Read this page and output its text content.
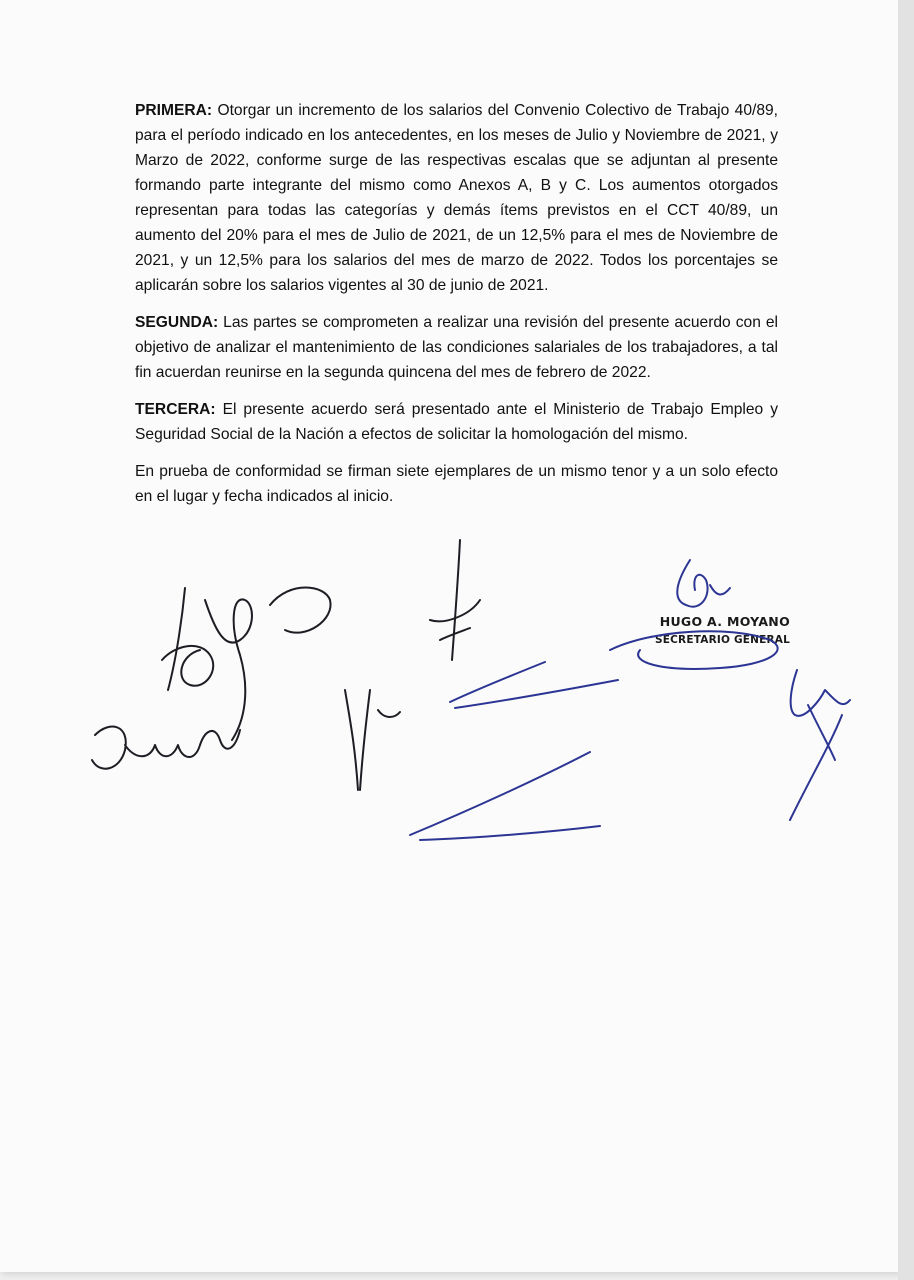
PRIMERA: Otorgar un incremento de los salarios del Convenio Colectivo de Trabajo 40/89, para el período indicado en los antecedentes, en los meses de Julio y Noviembre de 2021, y Marzo de 2022, conforme surge de las respectivas escalas que se adjuntan al presente formando parte integrante del mismo como Anexos A, B y C. Los aumentos otorgados representan para todas las categorías y demás ítems previstos en el CCT 40/89, un aumento del 20% para el mes de Julio de 2021, de un 12,5% para el mes de Noviembre de 2021, y un 12,5% para los salarios del mes de marzo de 2022. Todos los porcentajes se aplicarán sobre los salarios vigentes al 30 de junio de 2021.

SEGUNDA: Las partes se comprometen a realizar una revisión del presente acuerdo con el objetivo de analizar el mantenimiento de las condiciones salariales de los trabajadores, a tal fin acuerdan reunirse en la segunda quincena del mes de febrero de 2022.

TERCERA: El presente acuerdo será presentado ante el Ministerio de Trabajo Empleo y Seguridad Social de la Nación a efectos de solicitar la homologación del mismo.

En prueba de conformidad se firman siete ejemplares de un mismo tenor y a un solo efecto en el lugar y fecha indicados al inicio.

HUGO A. MOYANO
SECRETARIO GENERAL
